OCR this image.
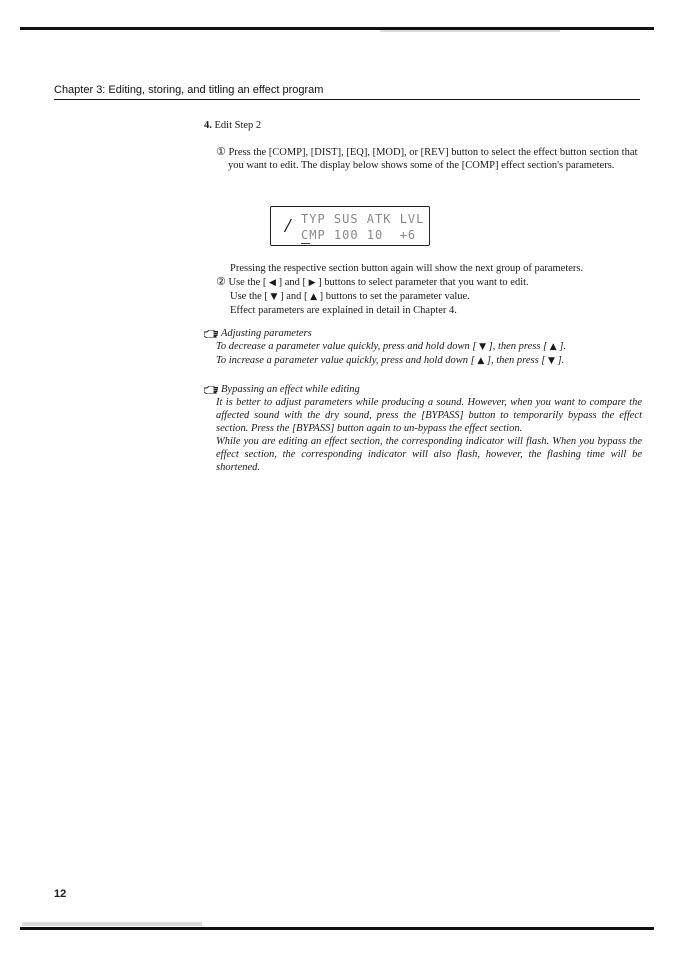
Chapter 3: Editing, storing, and titling an effect program

4. Edit Step 2

① Press the [COMP], [DIST], [EQ], [MOD], or [REV] button to select the effect button section that you want to edit. The display below shows some of the [COMP] effect section's parameters.

/ TYP SUS ATK LVL
CMP 100 10  +6

Pressing the respective section button again will show the next group of parameters.

② Use the [ ◀ ] and [ ▶ ] buttons to select parameter that you want to edit.

Use the [ ▼ ] and [ ▲ ] buttons to set the parameter value.

Effect parameters are explained in detail in Chapter 4.

Adjusting parameters

To decrease a parameter value quickly, press and hold down [ ▼ ], then press [ ▲ ].

To increase a parameter value quickly, press and hold down [ ▲ ], then press [ ▼ ].

Bypassing an effect while editing

It is better to adjust parameters while producing a sound. However, when you want to compare the affected sound with the dry sound, press the [BYPASS] button to temporarily bypass the effect section. Press the [BYPASS] button again to un-bypass the effect section.

While you are editing an effect section, the corresponding indicator will flash. When you bypass the effect section, the corresponding indicator will also flash, however, the flashing time will be shortened.

12
